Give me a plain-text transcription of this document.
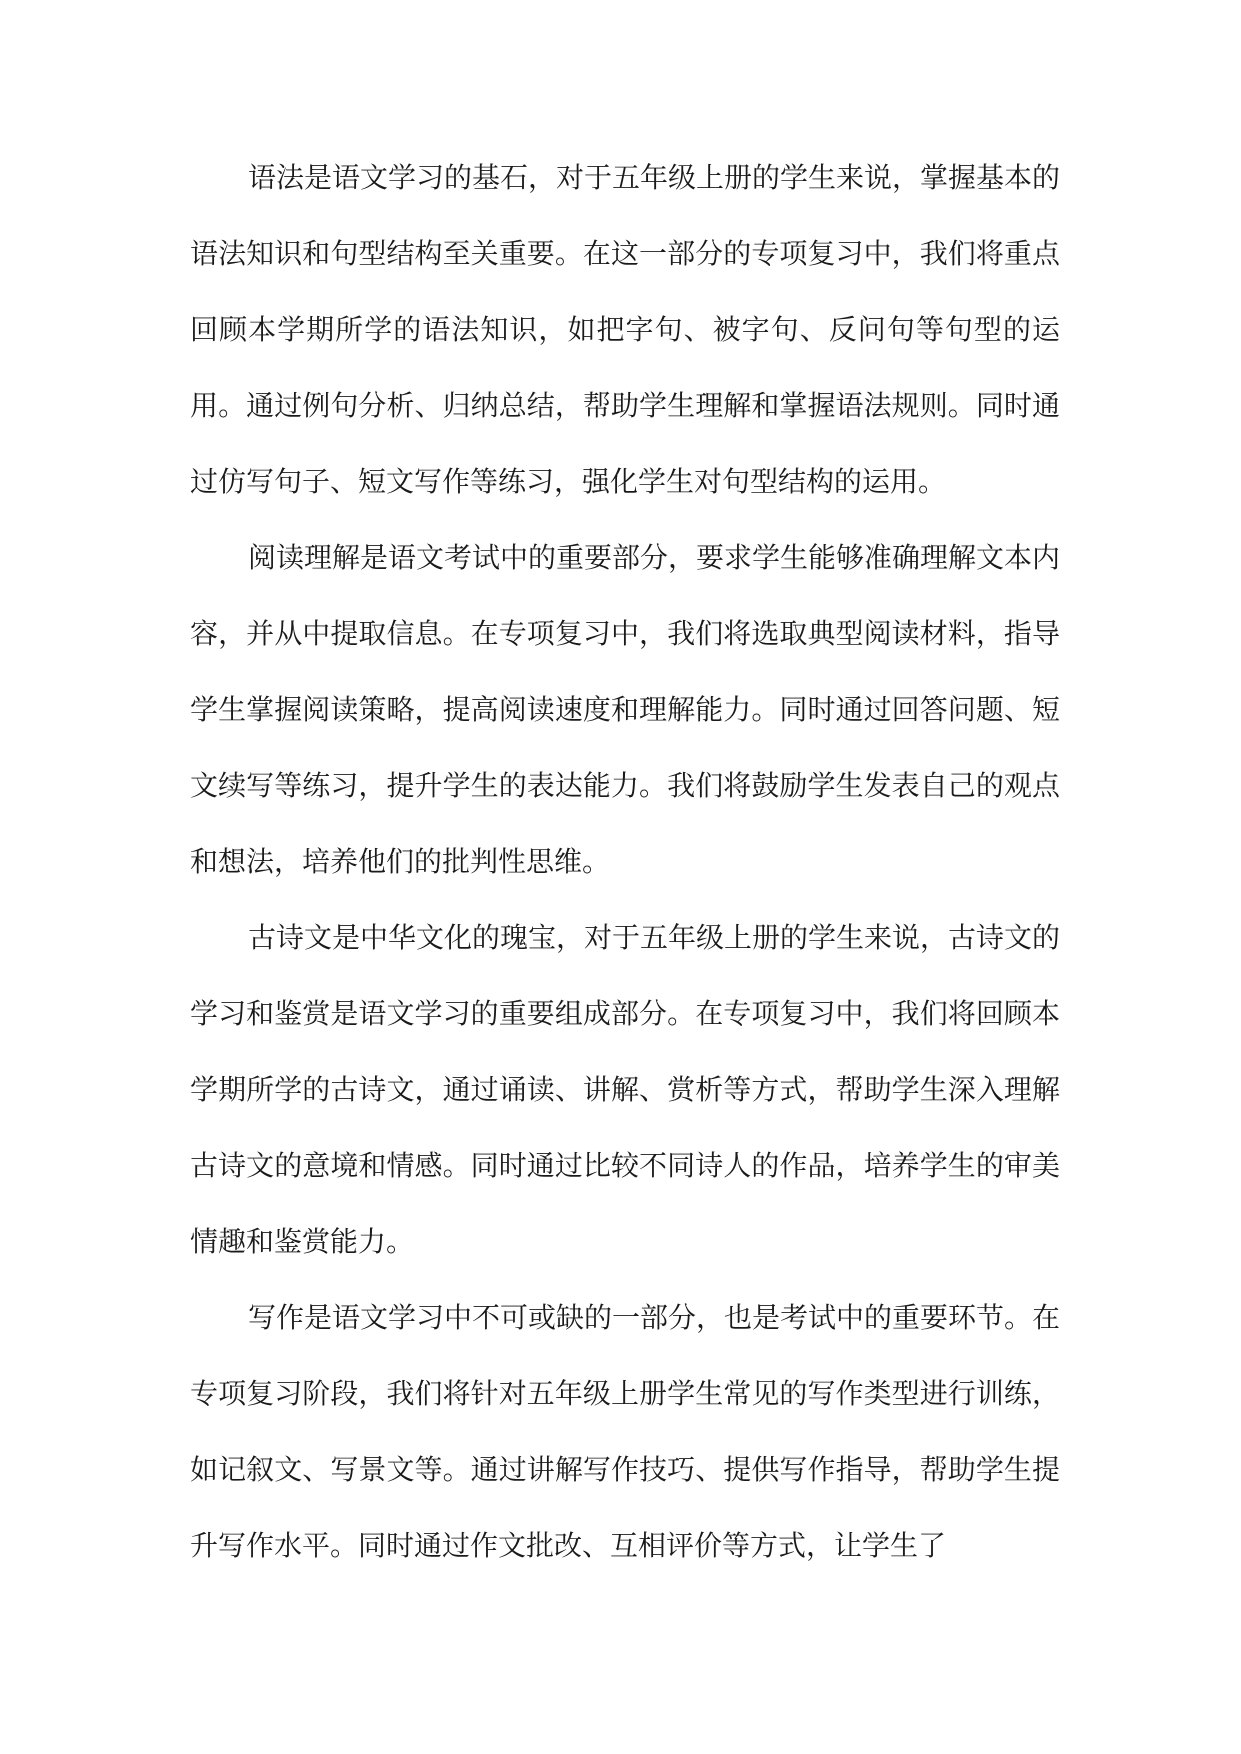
语法是语文学习的基石，对于五年级上册的学生来说，掌握基本的语法知识和句型结构至关重要。在这一部分的专项复习中，我们将重点回顾本学期所学的语法知识，如把字句、被字句、反问句等句型的运用。通过例句分析、归纳总结，帮助学生理解和掌握语法规则。同时通过仿写句子、短文写作等练习，强化学生对句型结构的运用。

阅读理解是语文考试中的重要部分，要求学生能够准确理解文本内容，并从中提取信息。在专项复习中，我们将选取典型阅读材料，指导学生掌握阅读策略，提高阅读速度和理解能力。同时通过回答问题、短文续写等练习，提升学生的表达能力。我们将鼓励学生发表自己的观点和想法，培养他们的批判性思维。

古诗文是中华文化的瑰宝，对于五年级上册的学生来说，古诗文的学习和鉴赏是语文学习的重要组成部分。在专项复习中，我们将回顾本学期所学的古诗文，通过诵读、讲解、赏析等方式，帮助学生深入理解古诗文的意境和情感。同时通过比较不同诗人的作品，培养学生的审美情趣和鉴赏能力。

写作是语文学习中不可或缺的一部分，也是考试中的重要环节。在专项复习阶段，我们将针对五年级上册学生常见的写作类型进行训练，如记叙文、写景文等。通过讲解写作技巧、提供写作指导，帮助学生提升写作水平。同时通过作文批改、互相评价等方式，让学生了
